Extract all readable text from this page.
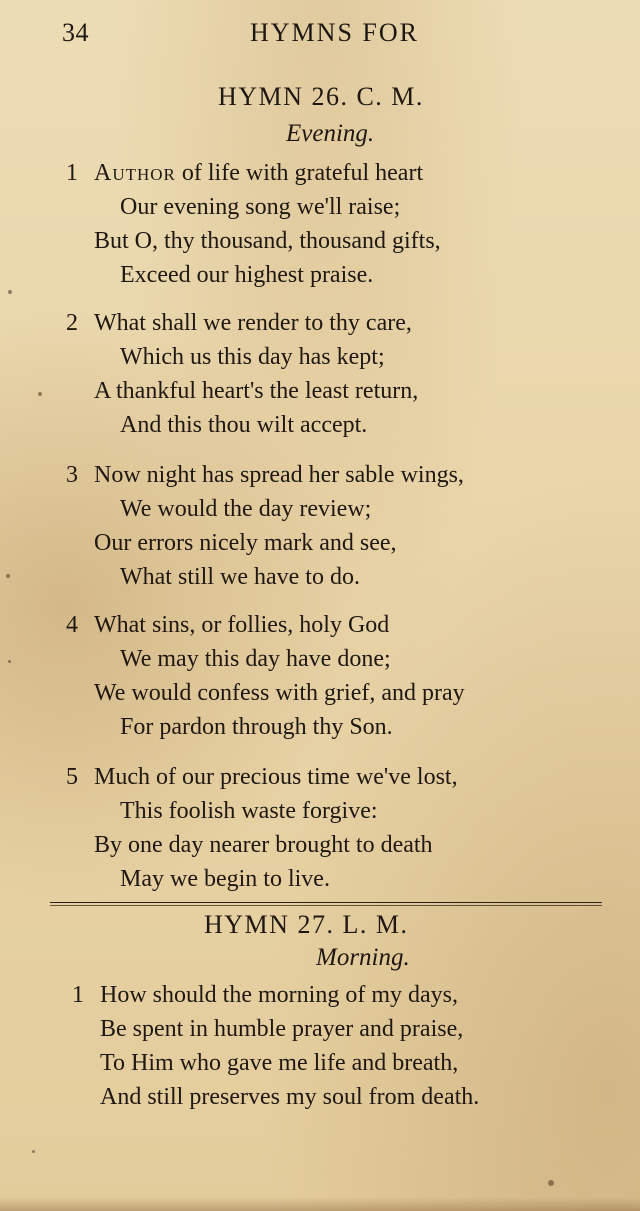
34	HYMNS FOR
HYMN 26. C. M.
Evening.
1 Author of life with grateful heart
Our evening song we'll raise;
But O, thy thousand, thousand gifts,
Exceed our highest praise.
2 What shall we render to thy care,
Which us this day has kept;
A thankful heart's the least return,
And this thou wilt accept.
3 Now night has spread her sable wings,
We would the day review;
Our errors nicely mark and see,
What still we have to do.
4 What sins, or follies, holy God
We may this day have done;
We would confess with grief, and pray
For pardon through thy Son.
5 Much of our precious time we've lost,
This foolish waste forgive:
By one day nearer brought to death
May we begin to live.
HYMN 27. L. M.
Morning.
1 How should the morning of my days,
Be spent in humble prayer and praise,
To Him who gave me life and breath,
And still preserves my soul from death.
